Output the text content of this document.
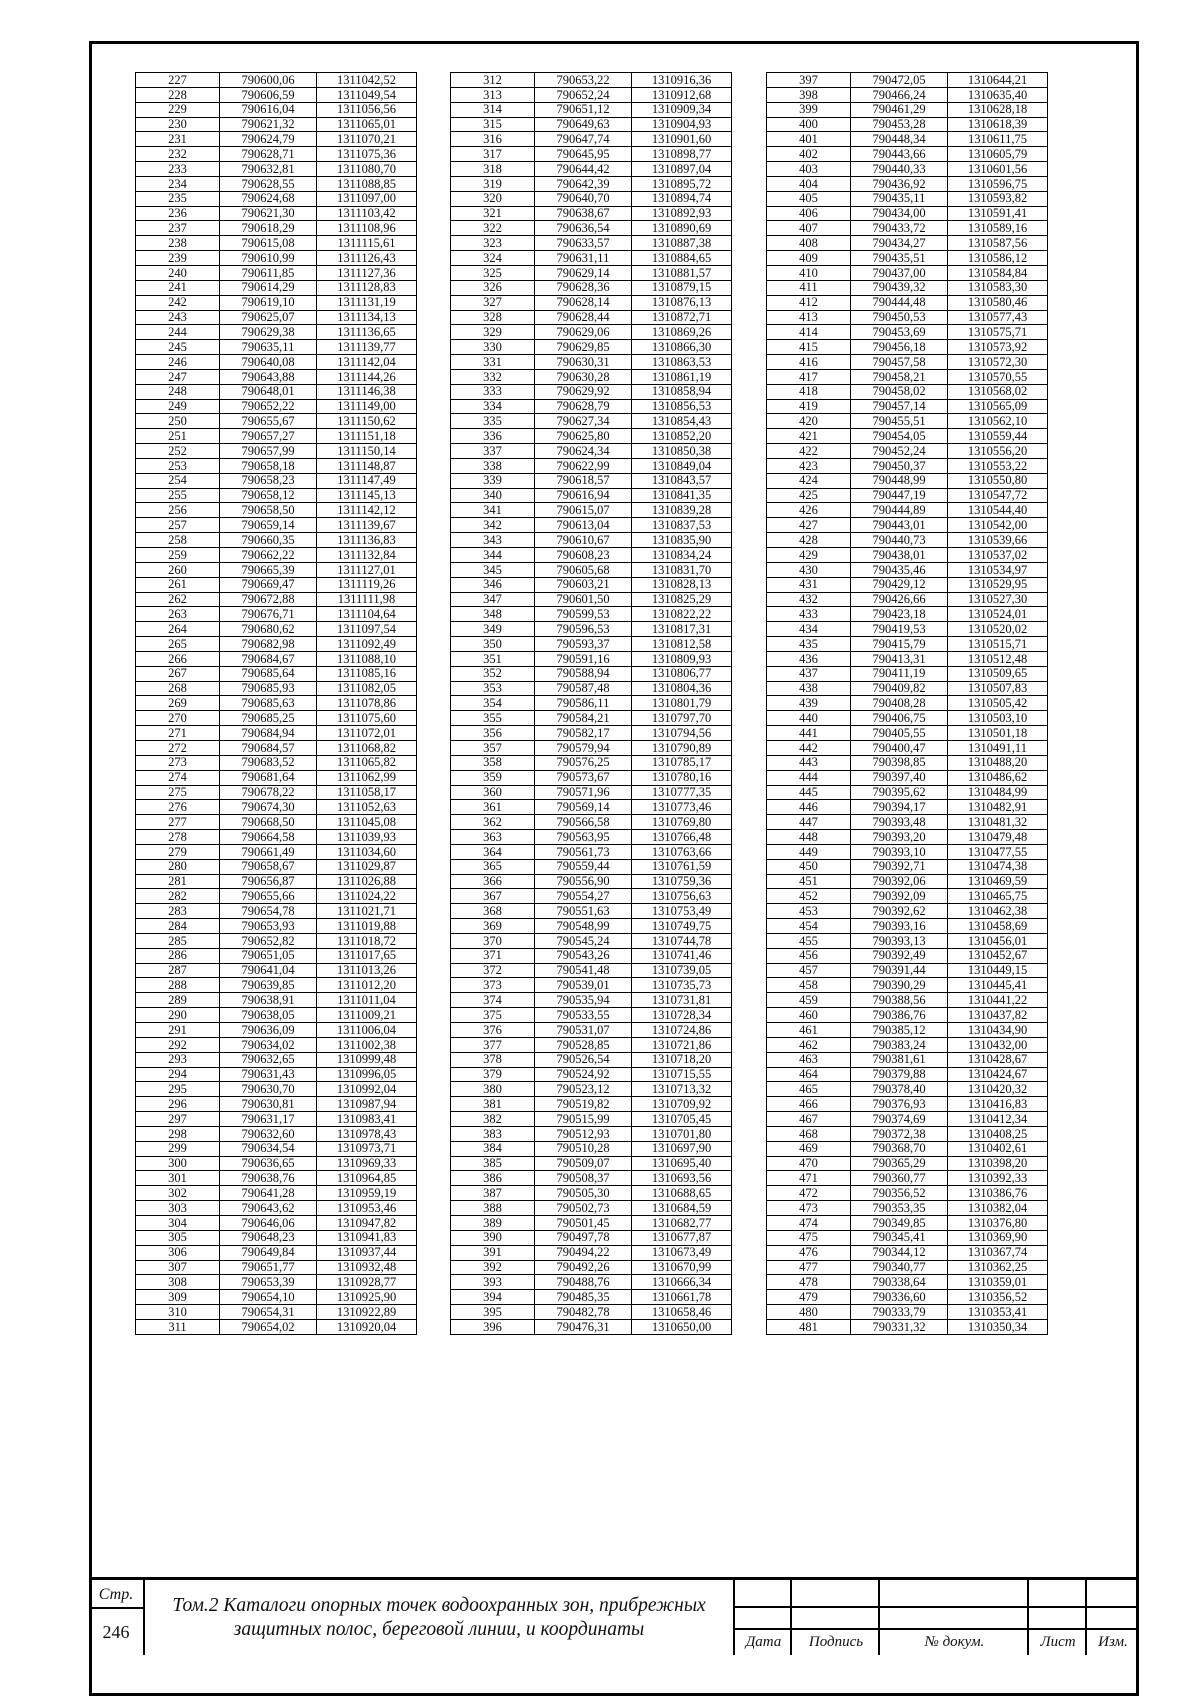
227	790600,06	1311042,52
228	790606,59	1311049,54
229	790616,04	1311056,56
230	790621,32	1311065,01
231	790624,79	1311070,21
232	790628,71	1311075,36
233	790632,81	1311080,70
234	790628,55	1311088,85
235	790624,68	1311097,00
236	790621,30	1311103,42
237	790618,29	1311108,96
238	790615,08	1311115,61
239	790610,99	1311126,43
240	790611,85	1311127,36
241	790614,29	1311128,83
242	790619,10	1311131,19
243	790625,07	1311134,13
244	790629,38	1311136,65
245	790635,11	1311139,77
246	790640,08	1311142,04
247	790643,88	1311144,26
248	790648,01	1311146,38
249	790652,22	1311149,00
250	790655,67	1311150,62
251	790657,27	1311151,18
252	790657,99	1311150,14
253	790658,18	1311148,87
254	790658,23	1311147,49
255	790658,12	1311145,13
256	790658,50	1311142,12
257	790659,14	1311139,67
258	790660,35	1311136,83
259	790662,22	1311132,84
260	790665,39	1311127,01
261	790669,47	1311119,26
262	790672,88	1311111,98
263	790676,71	1311104,64
264	790680,62	1311097,54
265	790682,98	1311092,49
266	790684,67	1311088,10
267	790685,64	1311085,16
268	790685,93	1311082,05
269	790685,63	1311078,86
270	790685,25	1311075,60
271	790684,94	1311072,01
272	790684,57	1311068,82
273	790683,52	1311065,82
274	790681,64	1311062,99
275	790678,22	1311058,17
276	790674,30	1311052,63
277	790668,50	1311045,08
278	790664,58	1311039,93
279	790661,49	1311034,60
280	790658,67	1311029,87
281	790656,87	1311026,88
282	790655,66	1311024,22
283	790654,78	1311021,71
284	790653,93	1311019,88
285	790652,82	1311018,72
286	790651,05	1311017,65
287	790641,04	1311013,26
288	790639,85	1311012,20
289	790638,91	1311011,04
290	790638,05	1311009,21
291	790636,09	1311006,04
292	790634,02	1311002,38
293	790632,65	1310999,48
294	790631,43	1310996,05
295	790630,70	1310992,04
296	790630,81	1310987,94
297	790631,17	1310983,41
298	790632,60	1310978,43
299	790634,54	1310973,71
300	790636,65	1310969,33
301	790638,76	1310964,85
302	790641,28	1310959,19
303	790643,62	1310953,46
304	790646,06	1310947,82
305	790648,23	1310941,83
306	790649,84	1310937,44
307	790651,77	1310932,48
308	790653,39	1310928,77
309	790654,10	1310925,90
310	790654,31	1310922,89
311	790654,02	1310920,04
312	790653,22	1310916,36
313	790652,24	1310912,68
314	790651,12	1310909,34
315	790649,63	1310904,93
316	790647,74	1310901,60
317	790645,95	1310898,77
318	790644,42	1310897,04
319	790642,39	1310895,72
320	790640,70	1310894,74
321	790638,67	1310892,93
322	790636,54	1310890,69
323	790633,57	1310887,38
324	790631,11	1310884,65
325	790629,14	1310881,57
326	790628,36	1310879,15
327	790628,14	1310876,13
328	790628,44	1310872,71
329	790629,06	1310869,26
330	790629,85	1310866,30
331	790630,31	1310863,53
332	790630,28	1310861,19
333	790629,92	1310858,94
334	790628,79	1310856,53
335	790627,34	1310854,43
336	790625,80	1310852,20
337	790624,34	1310850,38
338	790622,99	1310849,04
339	790618,57	1310843,57
340	790616,94	1310841,35
341	790615,07	1310839,28
342	790613,04	1310837,53
343	790610,67	1310835,90
344	790608,23	1310834,24
345	790605,68	1310831,70
346	790603,21	1310828,13
347	790601,50	1310825,29
348	790599,53	1310822,22
349	790596,53	1310817,31
350	790593,37	1310812,58
351	790591,16	1310809,93
352	790588,94	1310806,77
353	790587,48	1310804,36
354	790586,11	1310801,79
355	790584,21	1310797,70
356	790582,17	1310794,56
357	790579,94	1310790,89
358	790576,25	1310785,17
359	790573,67	1310780,16
360	790571,96	1310777,35
361	790569,14	1310773,46
362	790566,58	1310769,80
363	790563,95	1310766,48
364	790561,73	1310763,66
365	790559,44	1310761,59
366	790556,90	1310759,36
367	790554,27	1310756,63
368	790551,63	1310753,49
369	790548,99	1310749,75
370	790545,24	1310744,78
371	790543,26	1310741,46
372	790541,48	1310739,05
373	790539,01	1310735,73
374	790535,94	1310731,81
375	790533,55	1310728,34
376	790531,07	1310724,86
377	790528,85	1310721,86
378	790526,54	1310718,20
379	790524,92	1310715,55
380	790523,12	1310713,32
381	790519,82	1310709,92
382	790515,99	1310705,45
383	790512,93	1310701,80
384	790510,28	1310697,90
385	790509,07	1310695,40
386	790508,37	1310693,56
387	790505,30	1310688,65
388	790502,73	1310684,59
389	790501,45	1310682,77
390	790497,78	1310677,87
391	790494,22	1310673,49
392	790492,26	1310670,99
393	790488,76	1310666,34
394	790485,35	1310661,78
395	790482,78	1310658,46
396	790476,31	1310650,00
397	790472,05	1310644,21
398	790466,24	1310635,40
399	790461,29	1310628,18
400	790453,28	1310618,39
401	790448,34	1310611,75
402	790443,66	1310605,79
403	790440,33	1310601,56
404	790436,92	1310596,75
405	790435,11	1310593,82
406	790434,00	1310591,41
407	790433,72	1310589,16
408	790434,27	1310587,56
409	790435,51	1310586,12
410	790437,00	1310584,84
411	790439,32	1310583,30
412	790444,48	1310580,46
413	790450,53	1310577,43
414	790453,69	1310575,71
415	790456,18	1310573,92
416	790457,58	1310572,30
417	790458,21	1310570,55
418	790458,02	1310568,02
419	790457,14	1310565,09
420	790455,51	1310562,10
421	790454,05	1310559,44
422	790452,24	1310556,20
423	790450,37	1310553,22
424	790448,99	1310550,80
425	790447,19	1310547,72
426	790444,89	1310544,40
427	790443,01	1310542,00
428	790440,73	1310539,66
429	790438,01	1310537,02
430	790435,46	1310534,97
431	790429,12	1310529,95
432	790426,66	1310527,30
433	790423,18	1310524,01
434	790419,53	1310520,02
435	790415,79	1310515,71
436	790413,31	1310512,48
437	790411,19	1310509,65
438	790409,82	1310507,83
439	790408,28	1310505,42
440	790406,75	1310503,10
441	790405,55	1310501,18
442	790400,47	1310491,11
443	790398,85	1310488,20
444	790397,40	1310486,62
445	790395,62	1310484,99
446	790394,17	1310482,91
447	790393,48	1310481,32
448	790393,20	1310479,48
449	790393,10	1310477,55
450	790392,71	1310474,38
451	790392,06	1310469,59
452	790392,09	1310465,75
453	790392,62	1310462,38
454	790393,16	1310458,69
455	790393,13	1310456,01
456	790392,49	1310452,67
457	790391,44	1310449,15
458	790390,29	1310445,41
459	790388,56	1310441,22
460	790386,76	1310437,82
461	790385,12	1310434,90
462	790383,24	1310432,00
463	790381,61	1310428,67
464	790379,88	1310424,67
465	790378,40	1310420,32
466	790376,93	1310416,83
467	790374,69	1310412,34
468	790372,38	1310408,25
469	790368,70	1310402,61
470	790365,29	1310398,20
471	790360,77	1310392,33
472	790356,52	1310386,76
473	790353,35	1310382,04
474	790349,85	1310376,80
475	790345,41	1310369,90
476	790344,12	1310367,74
477	790340,77	1310362,25
478	790338,64	1310359,01
479	790336,60	1310356,52
480	790333,79	1310353,41
481	790331,32	1310350,34
Стр.
246
Том.2 Каталоги опорных точек водоохранных зон, прибрежных
защитных полос, береговой линии, и координаты
Дата	Подпись	№ докум.	Лист	Изм.
